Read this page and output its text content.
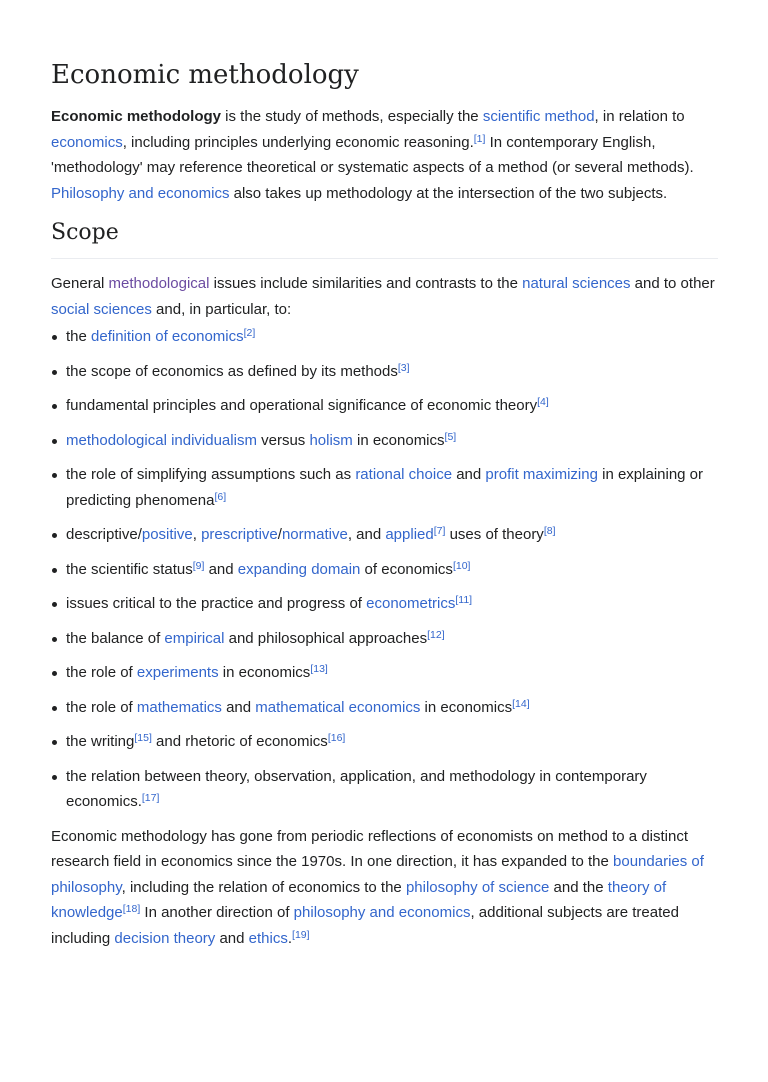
Economic methodology

Economic methodology is the study of methods, especially the scientific method, in relation to economics, including principles underlying economic reasoning.[1] In contemporary English, 'methodology' may reference theoretical or systematic aspects of a method (or several methods). Philosophy and economics also takes up methodology at the intersection of the two subjects.

Scope

General methodological issues include similarities and contrasts to the natural sciences and to other social sciences and, in particular, to:

the definition of economics[2]
the scope of economics as defined by its methods[3]
fundamental principles and operational significance of economic theory[4]
methodological individualism versus holism in economics[5]
the role of simplifying assumptions such as rational choice and profit maximizing in explaining or predicting phenomena[6]
descriptive/positive, prescriptive/normative, and applied[7] uses of theory[8]
the scientific status[9] and expanding domain of economics[10]
issues critical to the practice and progress of econometrics[11]
the balance of empirical and philosophical approaches[12]
the role of experiments in economics[13]
the role of mathematics and mathematical economics in economics[14]
the writing[15] and rhetoric of economics[16]
the relation between theory, observation, application, and methodology in contemporary economics.[17]

Economic methodology has gone from periodic reflections of economists on method to a distinct research field in economics since the 1970s. In one direction, it has expanded to the boundaries of philosophy, including the relation of economics to the philosophy of science and the theory of knowledge[18] In another direction of philosophy and economics, additional subjects are treated including decision theory and ethics.[19]
